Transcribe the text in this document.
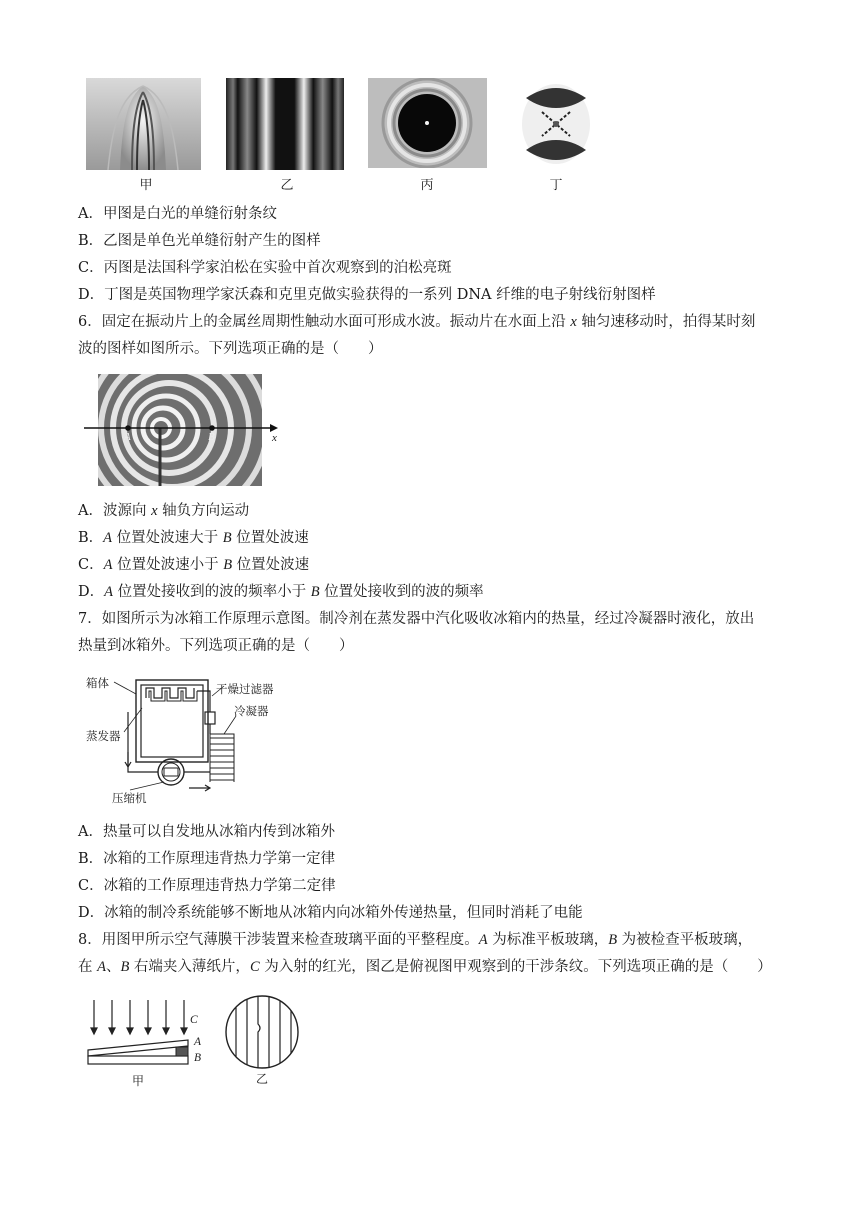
甲	乙	丙	丁
A．甲图是白光的单缝衍射条纹
B．乙图是单色光单缝衍射产生的图样
C．丙图是法国科学家泊松在实验中首次观察到的泊松亮斑
D．丁图是英国物理学家沃森和克里克做实验获得的一系列 DNA 纤维的电子射线衍射图样
6．固定在振动片上的金属丝周期性触动水面可形成水波。振动片在水面上沿 x 轴匀速移动时，拍得某时刻
波的图样如图所示。下列选项正确的是（　　）
A	B	x
A．波源向 x 轴负方向运动
B．A 位置处波速大于 B 位置处波速
C．A 位置处波速小于 B 位置处波速
D．A 位置处接收到的波的频率小于 B 位置处接收到的波的频率
7．如图所示为冰箱工作原理示意图。制冷剂在蒸发器中汽化吸收冰箱内的热量，经过冷凝器时液化，放出
热量到冰箱外。下列选项正确的是（　　）
箱体	干燥过滤器
冷凝器
蒸发器
压缩机
A．热量可以自发地从冰箱内传到冰箱外
B．冰箱的工作原理违背热力学第一定律
C．冰箱的工作原理违背热力学第二定律
D．冰箱的制冷系统能够不断地从冰箱内向冰箱外传递热量，但同时消耗了电能
8．用图甲所示空气薄膜干涉装置来检查玻璃平面的平整程度。A 为标准平板玻璃，B 为被检查平板玻璃，
在 A、B 右端夹入薄纸片，C 为入射的红光，图乙是俯视图甲观察到的干涉条纹。下列选项正确的是（　　）
C
A
B
甲	乙
